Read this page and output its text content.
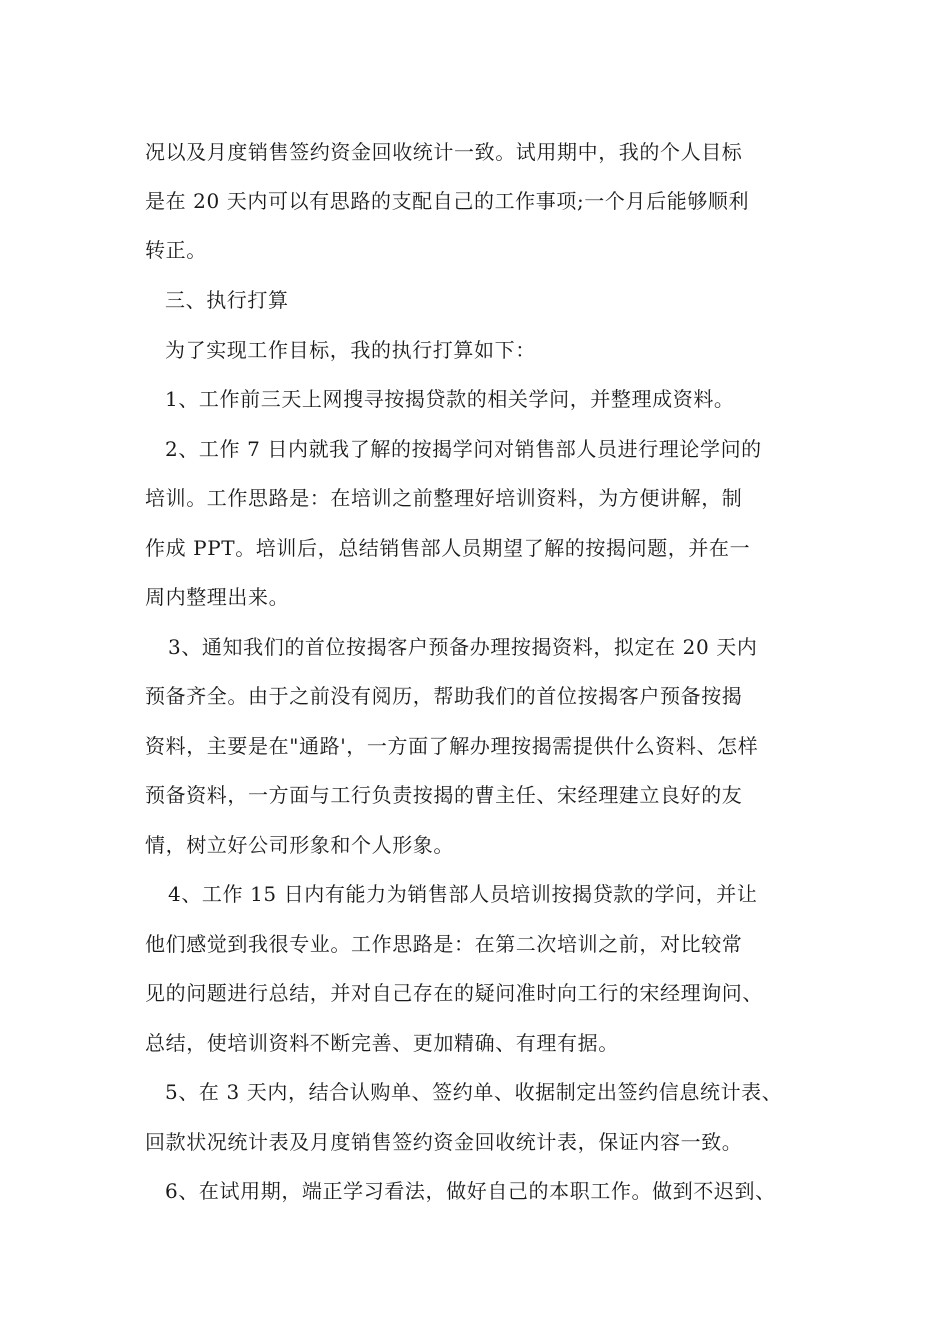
况以及月度销售签约资金回收统计一致。试用期中，我的个人目标
是在 20 天内可以有思路的支配自己的工作事项;一个月后能够顺利
转正。
三、执行打算
为了实现工作目标，我的执行打算如下：
1、工作前三天上网搜寻按揭贷款的相关学问，并整理成资料。
2、工作 7 日内就我了解的按揭学问对销售部人员进行理论学问的
培训。工作思路是：在培训之前整理好培训资料，为方便讲解，制
作成 PPT。培训后，总结销售部人员期望了解的按揭问题，并在一
周内整理出来。
3、通知我们的首位按揭客户预备办理按揭资料，拟定在 20 天内
预备齐全。由于之前没有阅历，帮助我们的首位按揭客户预备按揭
资料，主要是在"通路'，一方面了解办理按揭需提供什么资料、怎样
预备资料，一方面与工行负责按揭的曹主任、宋经理建立良好的友
情，树立好公司形象和个人形象。
4、工作 15 日内有能力为销售部人员培训按揭贷款的学问，并让
他们感觉到我很专业。工作思路是：在第二次培训之前，对比较常
见的问题进行总结，并对自己存在的疑问准时向工行的宋经理询问、
总结，使培训资料不断完善、更加精确、有理有据。
5、在 3 天内，结合认购单、签约单、收据制定出签约信息统计表、
回款状况统计表及月度销售签约资金回收统计表，保证内容一致。
6、在试用期，端正学习看法，做好自己的本职工作。做到不迟到、
